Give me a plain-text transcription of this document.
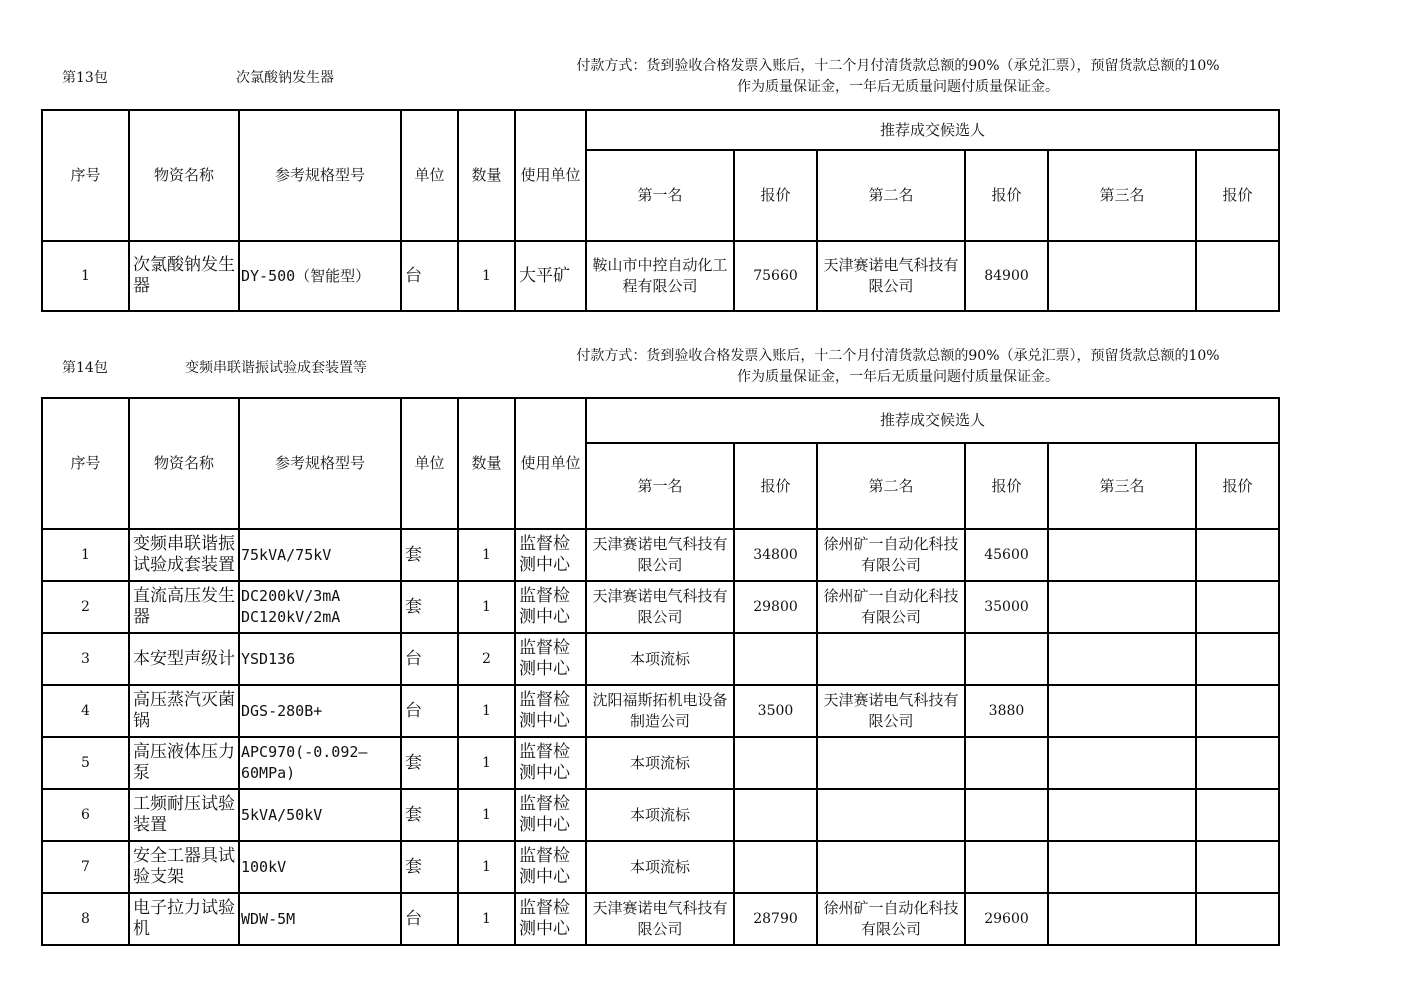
第13包	次氯酸钠发生器
付款方式：货到验收合格发票入账后，十二个月付清货款总额的90%（承兑汇票），预留货款总额的10%
作为质量保证金，一年后无质量问题付质量保证金。
序号	物资名称	参考规格型号	单位	数量	使用单位	推荐成交候选人					
						第一名	报价	第二名	报价	第三名	报价
1	次氯酸钠发生器	DY-500（智能型）	台	1	大平矿	鞍山市中控自动化工程有限公司	75660	天津赛诺电气科技有限公司	84900		
第14包	变频串联谐振试验成套装置等
付款方式：货到验收合格发票入账后，十二个月付清货款总额的90%（承兑汇票），预留货款总额的10%
作为质量保证金，一年后无质量问题付质量保证金。
序号	物资名称	参考规格型号	单位	数量	使用单位	推荐成交候选人					
						第一名	报价	第二名	报价	第三名	报价

1	变频串联谐振试验成套装置	75kVA/75kV	套	1	监督检测中心	天津赛诺电气科技有限公司	34800	徐州矿一自动化科技有限公司	45600		

2	直流高压发生器	DC200kV/3mA DC120kV/2mA	套	1	监督检测中心	天津赛诺电气科技有限公司	29800	徐州矿一自动化科技有限公司	35000		

3	本安型声级计	YSD136	台	2	监督检测中心	本项流标					

4	高压蒸汽灭菌锅	DGS-280B+	台	1	监督检测中心	沈阳福斯拓机电设备制造公司	3500	天津赛诺电气科技有限公司	3880		

5	高压液体压力泵	APC970(-0.092—60MPa)	套	1	监督检测中心	本项流标					

6	工频耐压试验装置	5kVA/50kV	套	1	监督检测中心	本项流标					

7	安全工器具试验支架	100kV	套	1	监督检测中心	本项流标					

8	电子拉力试验机	WDW-5M	台	1	监督检测中心	天津赛诺电气科技有限公司	28790	徐州矿一自动化科技有限公司	29600		
